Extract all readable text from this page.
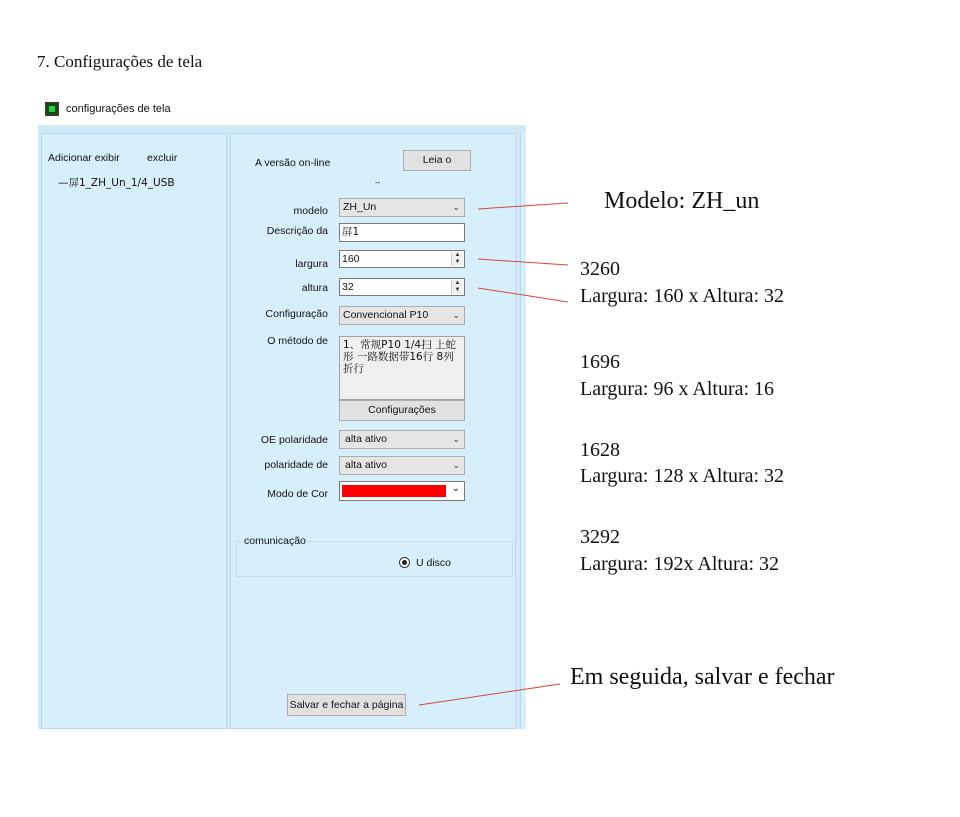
7. Configurações de tela
configurações de tela
Adicionar exibir	excluir
—屏1_ZH_Un_1/4_USB
A versão on-line	Leia o
--
modelo	ZH_Un	⌄
Descrição da 屏1
largura 160	▲
▼
altura 32	▲
▼
Configuração	Convencional P10	⌄
O método de	1、常规P10 1/4扫 上蛇形 一路数据带16行 8列折行
Configurações
OE polaridade	alta ativo	⌄
polaridade de	alta ativo	⌄
Modo de Cor	⌄
comunicação
U disco
Salvar e fechar a página
Modelo: ZH_un
3260
Largura: 160 x Altura: 32
1696
Largura: 96 x Altura: 16
1628
Largura: 128 x Altura: 32
3292
Largura: 192x Altura: 32
Em seguida, salvar e fechar
